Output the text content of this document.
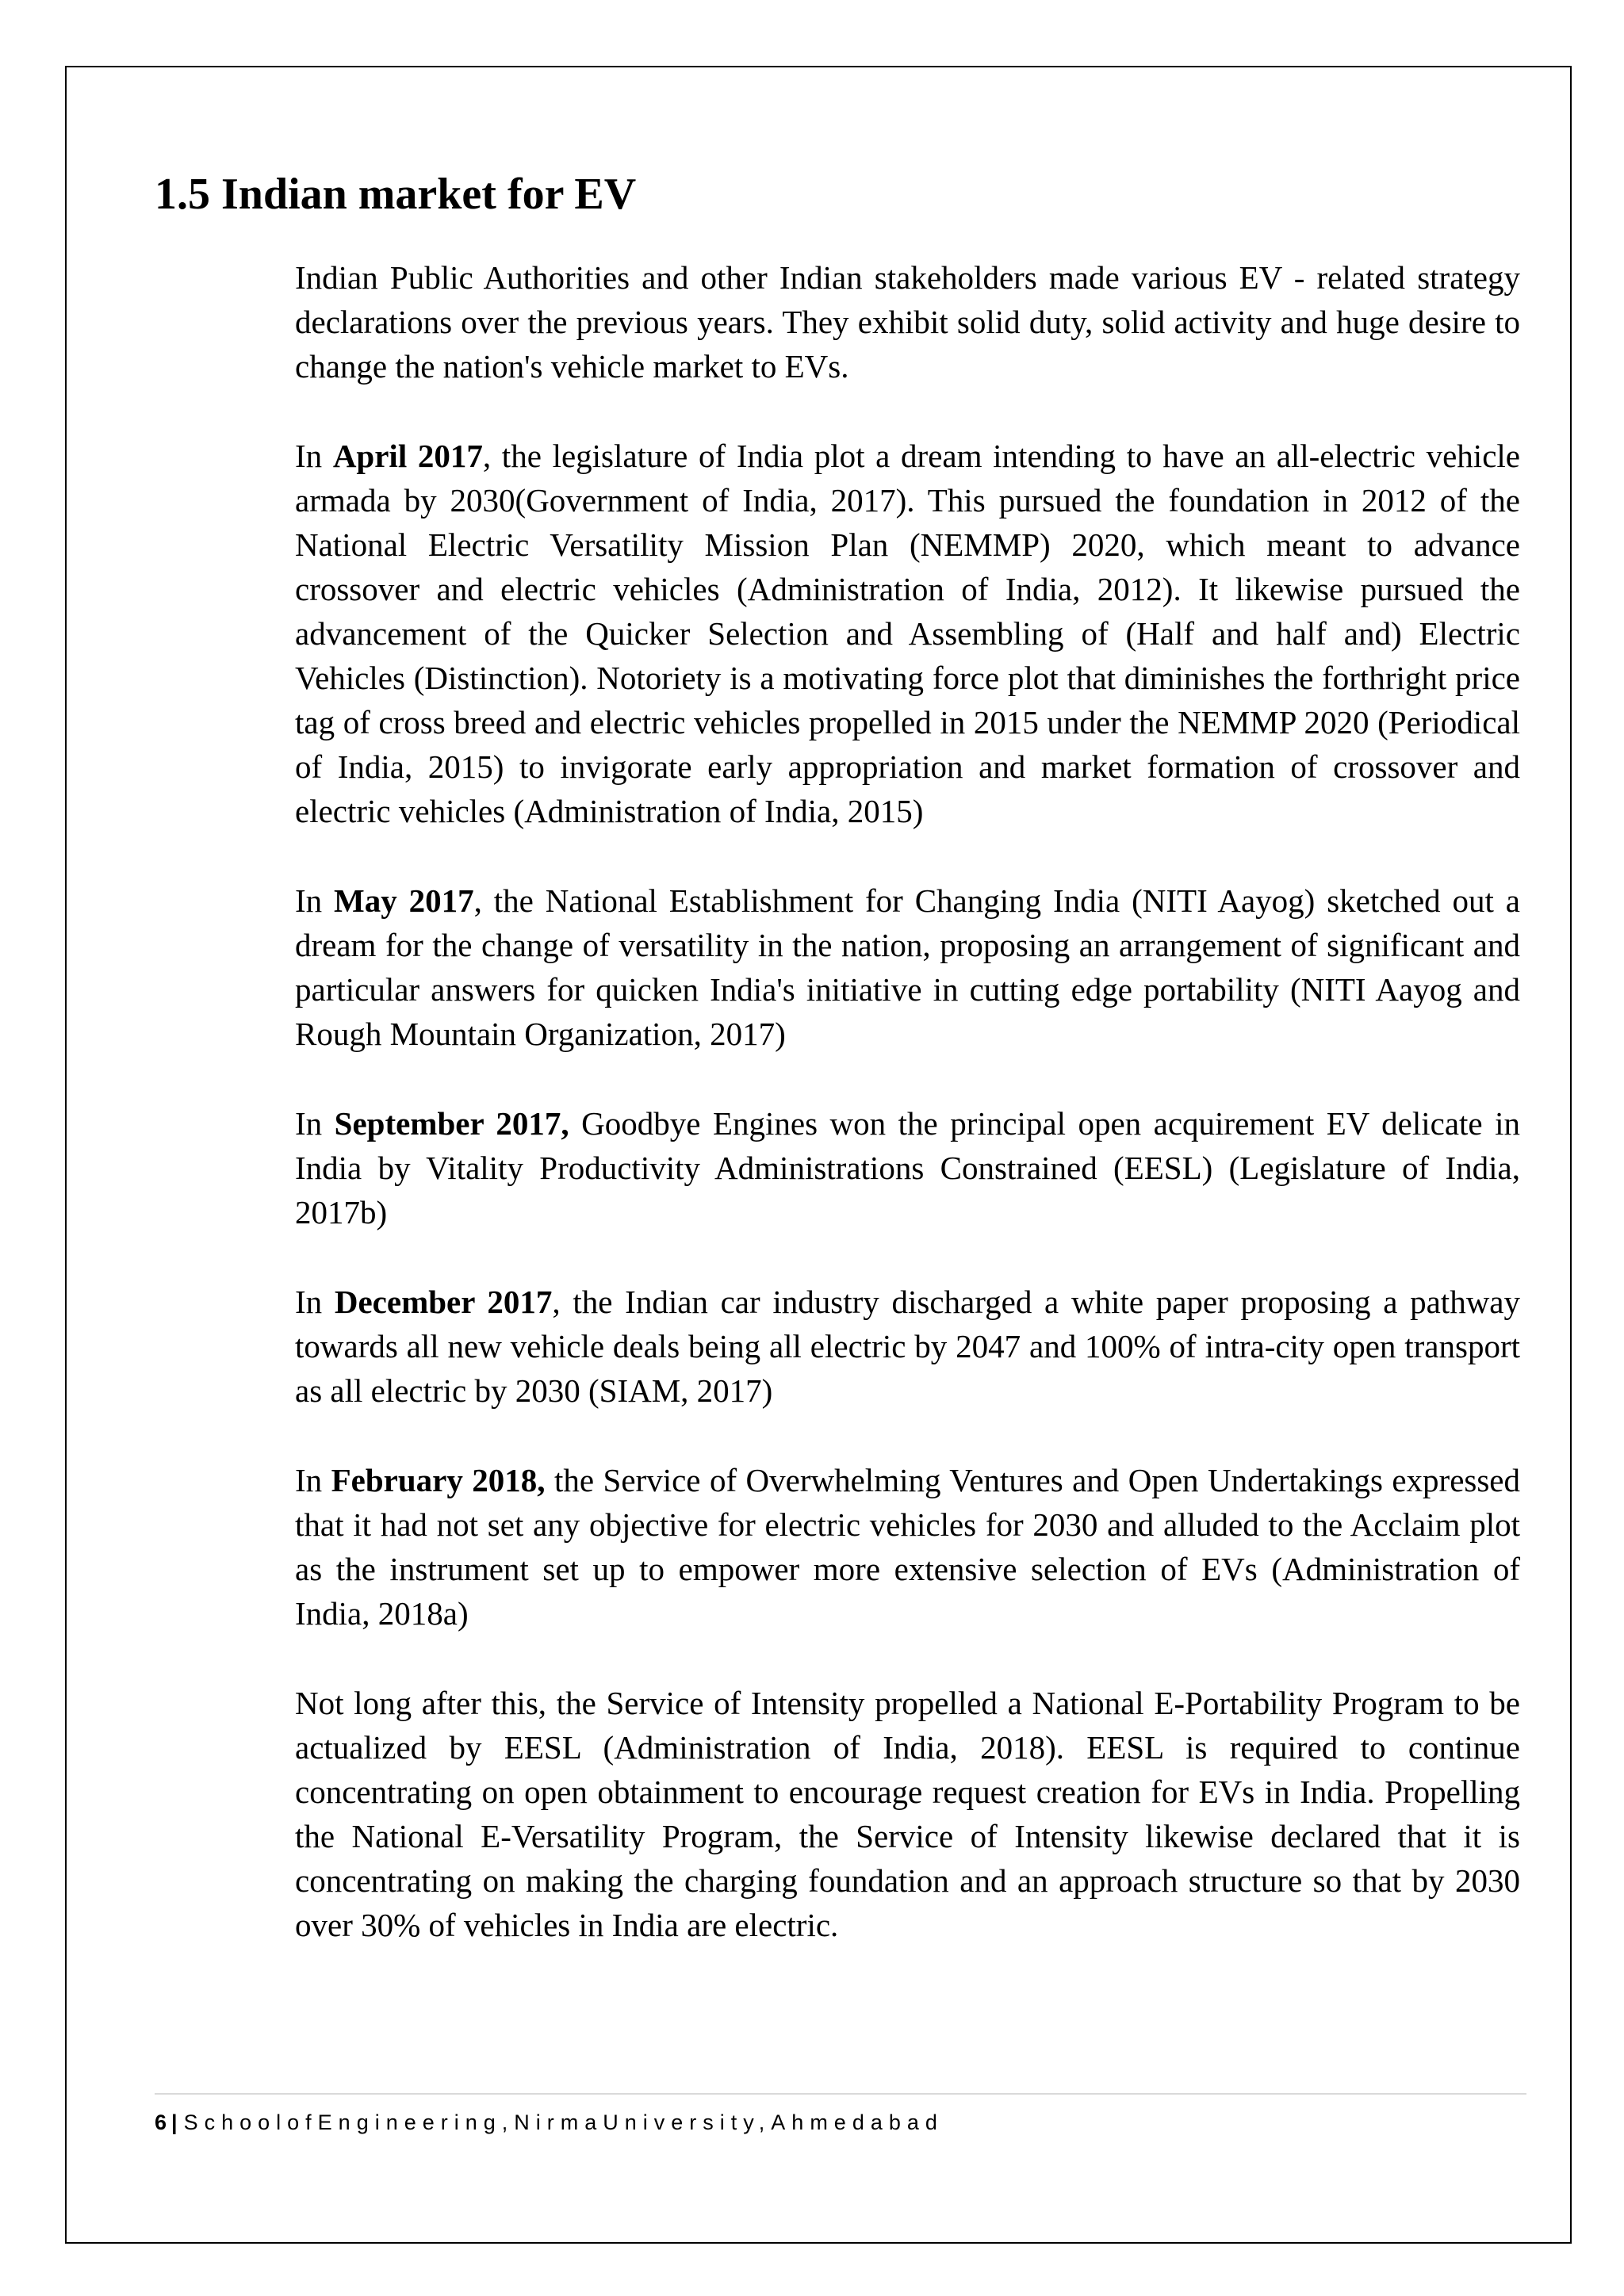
1.5 Indian market for EV

Indian Public Authorities and other Indian stakeholders made various EV - related strategy declarations over the previous years. They exhibit solid duty, solid activity and huge desire to change the nation's vehicle market to EVs.

In April 2017, the legislature of India plot a dream intending to have an all-electric vehicle armada by 2030(Government of India, 2017). This pursued the foundation in 2012 of the National Electric Versatility Mission Plan (NEMMP) 2020, which meant to advance crossover and electric vehicles (Administration of India, 2012). It likewise pursued the advancement of the Quicker Selection and Assembling of (Half and half and) Electric Vehicles (Distinction). Notoriety is a motivating force plot that diminishes the forthright price tag of cross breed and electric vehicles propelled in 2015 under the NEMMP 2020 (Periodical of India, 2015) to invigorate early appropriation and market formation of crossover and electric vehicles (Administration of India, 2015)

In May 2017, the National Establishment for Changing India (NITI Aayog) sketched out a dream for the change of versatility in the nation, proposing an arrangement of significant and particular answers for quicken India's initiative in cutting edge portability (NITI Aayog and Rough Mountain Organization, 2017)

In September 2017, Goodbye Engines won the principal open acquirement EV delicate in India by Vitality Productivity Administrations Constrained (EESL) (Legislature of India, 2017b)

In December 2017, the Indian car industry discharged a white paper proposing a pathway towards all new vehicle deals being all electric by 2047 and 100% of intra-city open transport as all electric by 2030 (SIAM, 2017)

In February 2018, the Service of Overwhelming Ventures and Open Undertakings expressed that it had not set any objective for electric vehicles for 2030 and alluded to the Acclaim plot as the instrument set up to empower more extensive selection of EVs (Administration of India, 2018a)

Not long after this, the Service of Intensity propelled a National E-Portability Program to be actualized by EESL (Administration of India, 2018). EESL is required to continue concentrating on open obtainment to encourage request creation for EVs in India. Propelling the National E-Versatility Program, the Service of Intensity likewise declared that it is concentrating on making the charging foundation and an approach structure so that by 2030 over 30% of vehicles in India are electric.

6 | SchoolofEngineering,NirmaUniversity,Ahmedabad
